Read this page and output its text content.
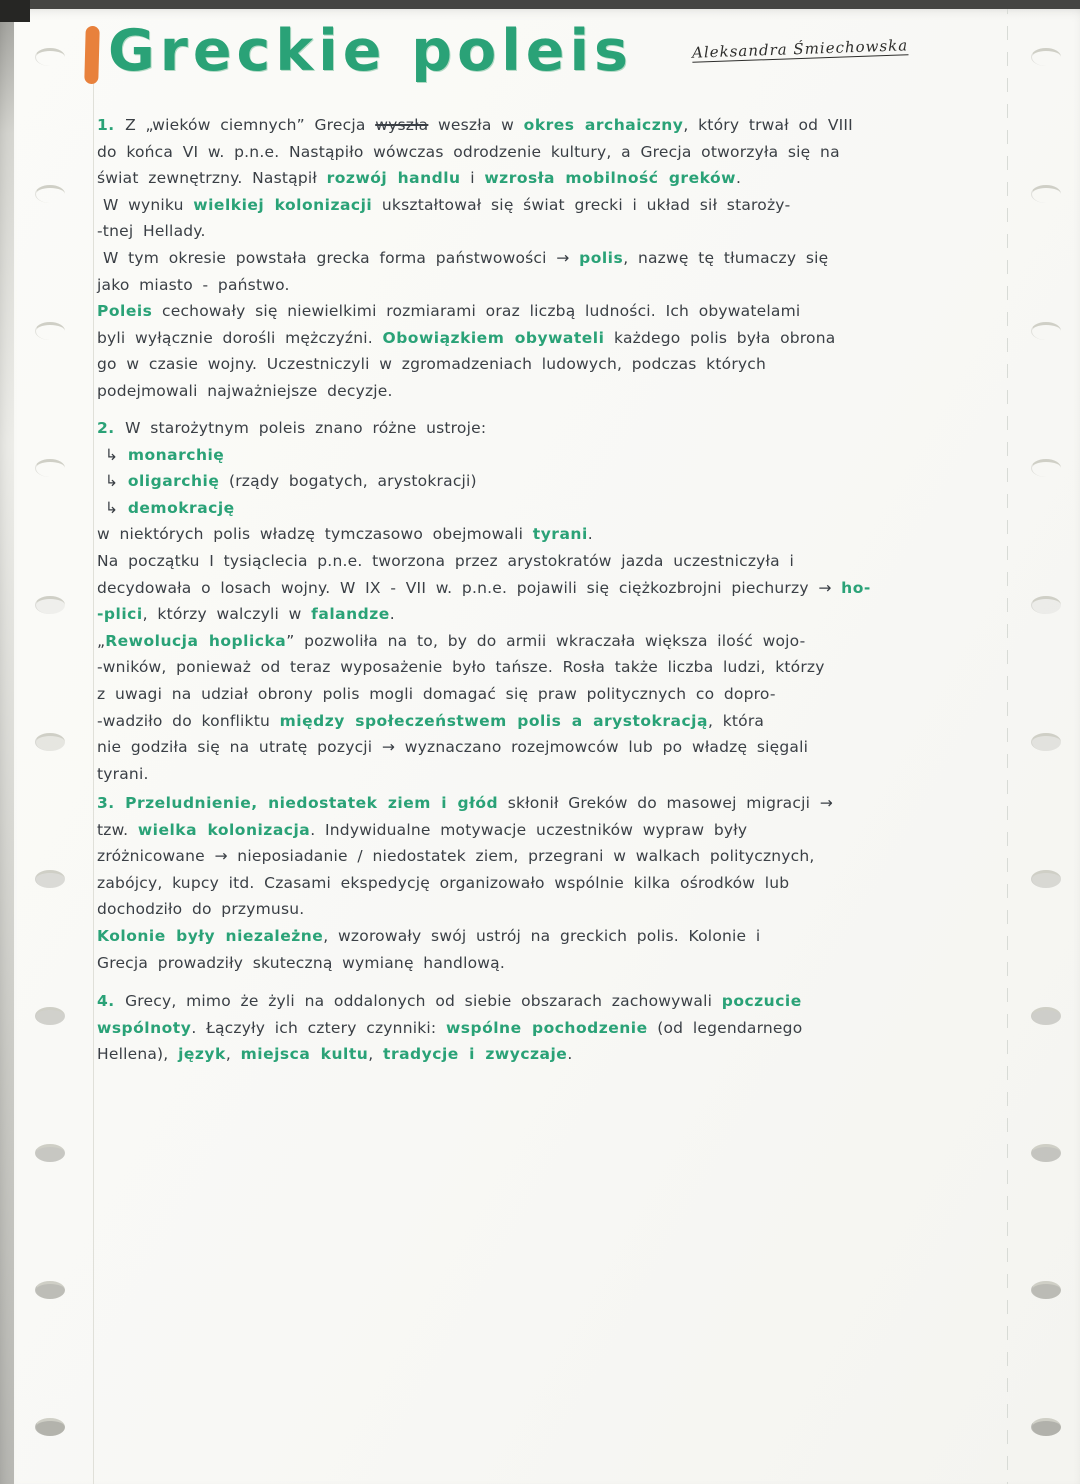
Greckie poleis	Aleksandra Śmiechowska
1. Z „wieków ciemnych” Grecja wyszła weszła w okres archaiczny, który trwał od VIII
do końca VI w. p.n.e. Nastąpiło wówczas odrodzenie kultury, a Grecja otworzyła się na
świat zewnętrzny. Nastąpił rozwój handlu i wzrosła mobilność greków.
W wyniku wielkiej kolonizacji ukształtował się świat grecki i układ sił starożу-
-tnej Hellady.
W tym okresie powstała grecka forma państwowości → polis, nazwę tę tłumaczy się
jako miasto - państwo.
Poleis cechowały się niewielkimi rozmiarami oraz liczbą ludności. Ich obywatelami
byli wyłącznie dorośli mężczyźni. Obowiązkiem obywateli każdego polis była obrona
go w czasie wojny. Uczestniczyli w zgromadzeniach ludowych, podczas których
podejmowali najważniejsze decyzje.
2. W starożytnym poleis znano różne ustroje:
↳ monarchię
↳ oligarchię (rządy bogatych, arystokracji)
↳ demokrację
w niektórych polis władzę tymczasowo obejmowali tyrani.
Na początku I tysiąclecia p.n.e. tworzona przez arystokratów jazda uczestniczyła i
decydowała o losach wojny. W IX - VII w. p.n.e. pojawili się ciężkozbrojni piechurzy → ho-
-plici, którzy walczyli w falandze.
„Rewolucja hoplicka” pozwoliła na to, by do armii wkraczała większa ilość wojo-
-wników, ponieważ od teraz wyposażenie było tańsze. Rosła także liczba ludzi, którzy
z uwagi na udział obrony polis mogli domagać się praw politycznych co dopro-
-wadziło do konfliktu między społeczeństwem polis a arystokracją, która
nie godziła się na utratę pozycji → wyznaczano rozejmowców lub po władzę sięgali
tyrani.
3. Przeludnienie, niedostatek ziem i głód skłonił Greków do masowej migracji →
tzw. wielka kolonizacja. Indywidualne motywacje uczestników wypraw były
zróżnicowane → nieposiadanie / niedostatek ziem, przegrani w walkach politycznych,
zabójcy, kupcy itd. Czasami ekspedycję organizowało wspólnie kilka ośrodków lub
dochodziło do przymusu.
Kolonie były niezależne, wzorowały swój ustrój na greckich polis. Kolonie i
Grecja prowadziły skuteczną wymianę handlową.
4. Grecy, mimo że żyli na oddalonych od siebie obszarach zachowywali poczucie
wspólnoty. Łączyły ich cztery czynniki: wspólne pochodzenie (od legendarnego
Hellena), język, miejsca kultu, tradycje i zwyczaje.
